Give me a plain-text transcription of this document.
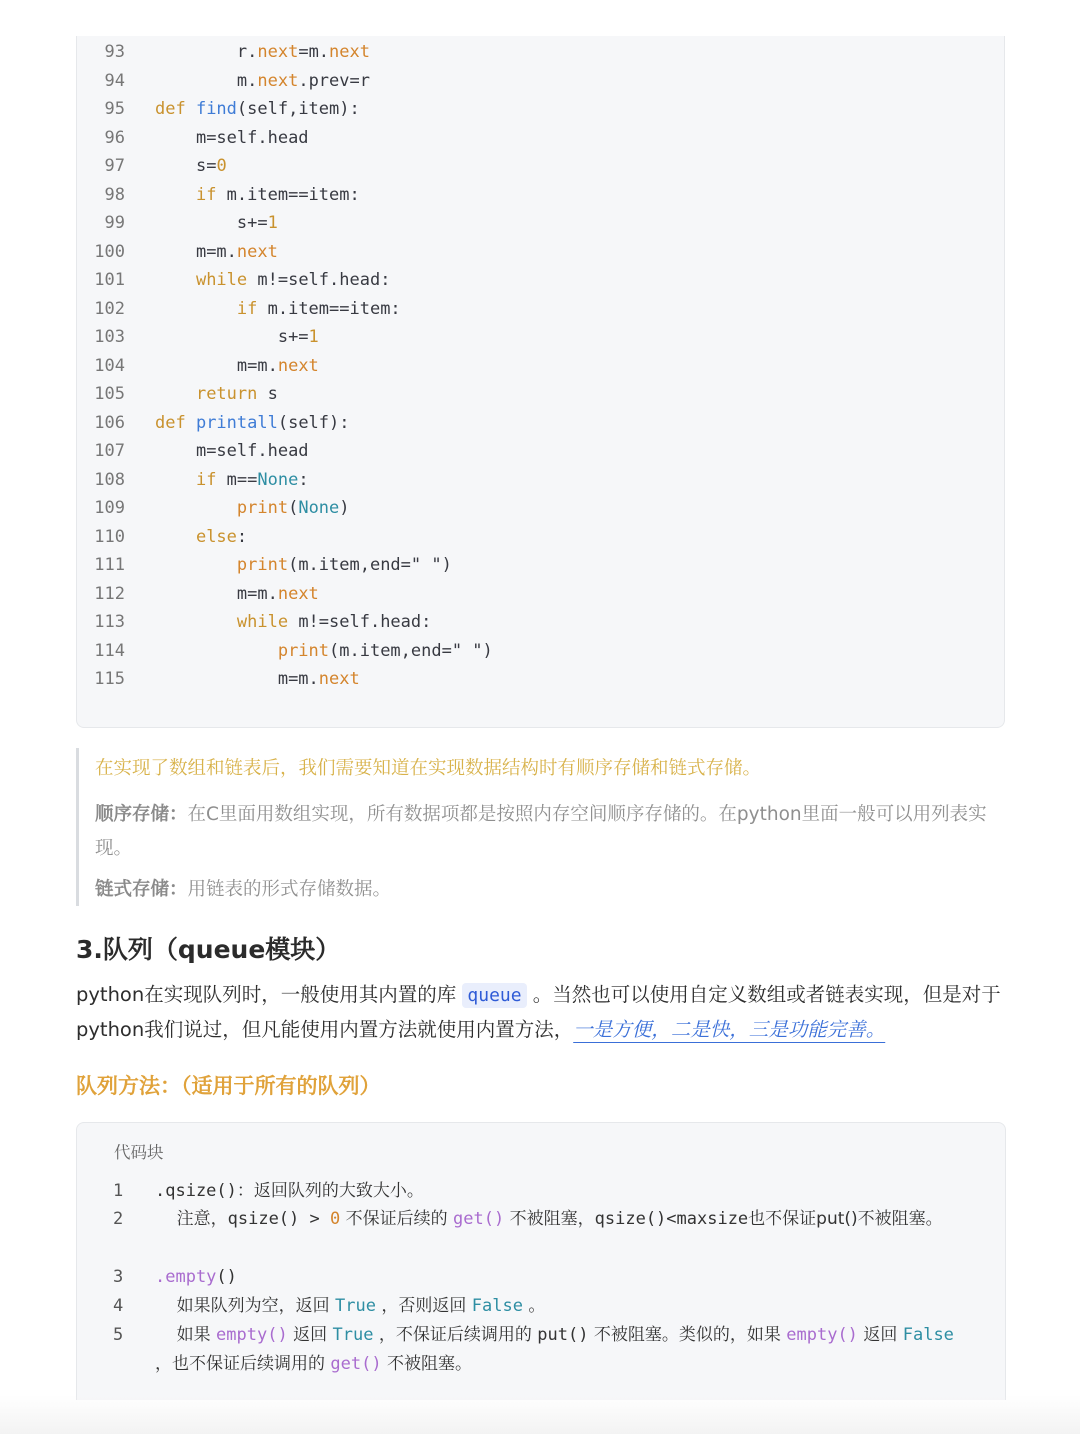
93	r.next=m.next
94	m.next.prev=r
95 def find(self,item):
96	m=self.head
97	s=0
98	if m.item==item:
99	s+=1
100	m=m.next
101	while m!=self.head:
102	if m.item==item:
103	s+=1
104	m=m.next
105	return s
106 def printall(self):
107	m=self.head
108	if m==None:
109	print(None)
110	else:
111	print(m.item,end=" ")
112	m=m.next
113	while m!=self.head:
114	print(m.item,end=" ")
115	m=m.next
在实现了数组和链表后，我们需要知道在实现数据结构时有顺序存储和链式存储。
顺序存储：在C里面用数组实现，所有数据项都是按照内存空间顺序存储的。在python里面一般可以用列表实现。
链式存储：用链表的形式存储数据。
3.队列（queue模块）
python在实现队列时，一般使用其内置的库 queue 。当然也可以使用自定义数组或者链表实现，但是对于python我们说过，但凡能使用内置方法就使用内置方法，一是方便，二是快，三是功能完善。
队列方法：（适用于所有的队列）
代码块
1 .qsize()：返回队列的大致大小。
2 注意，qsize() > 0 不保证后续的 get() 不被阻塞，qsize()<maxsize也不保证put()不被阻塞。
3 .empty()
4 如果队列为空，返回 True ，否则返回 False 。
5 如果 empty() 返回 True ，不保证后续调用的 put() 不被阻塞。类似的，如果 empty() 返回 False ，也不保证后续调用的 get() 不被阻塞。
